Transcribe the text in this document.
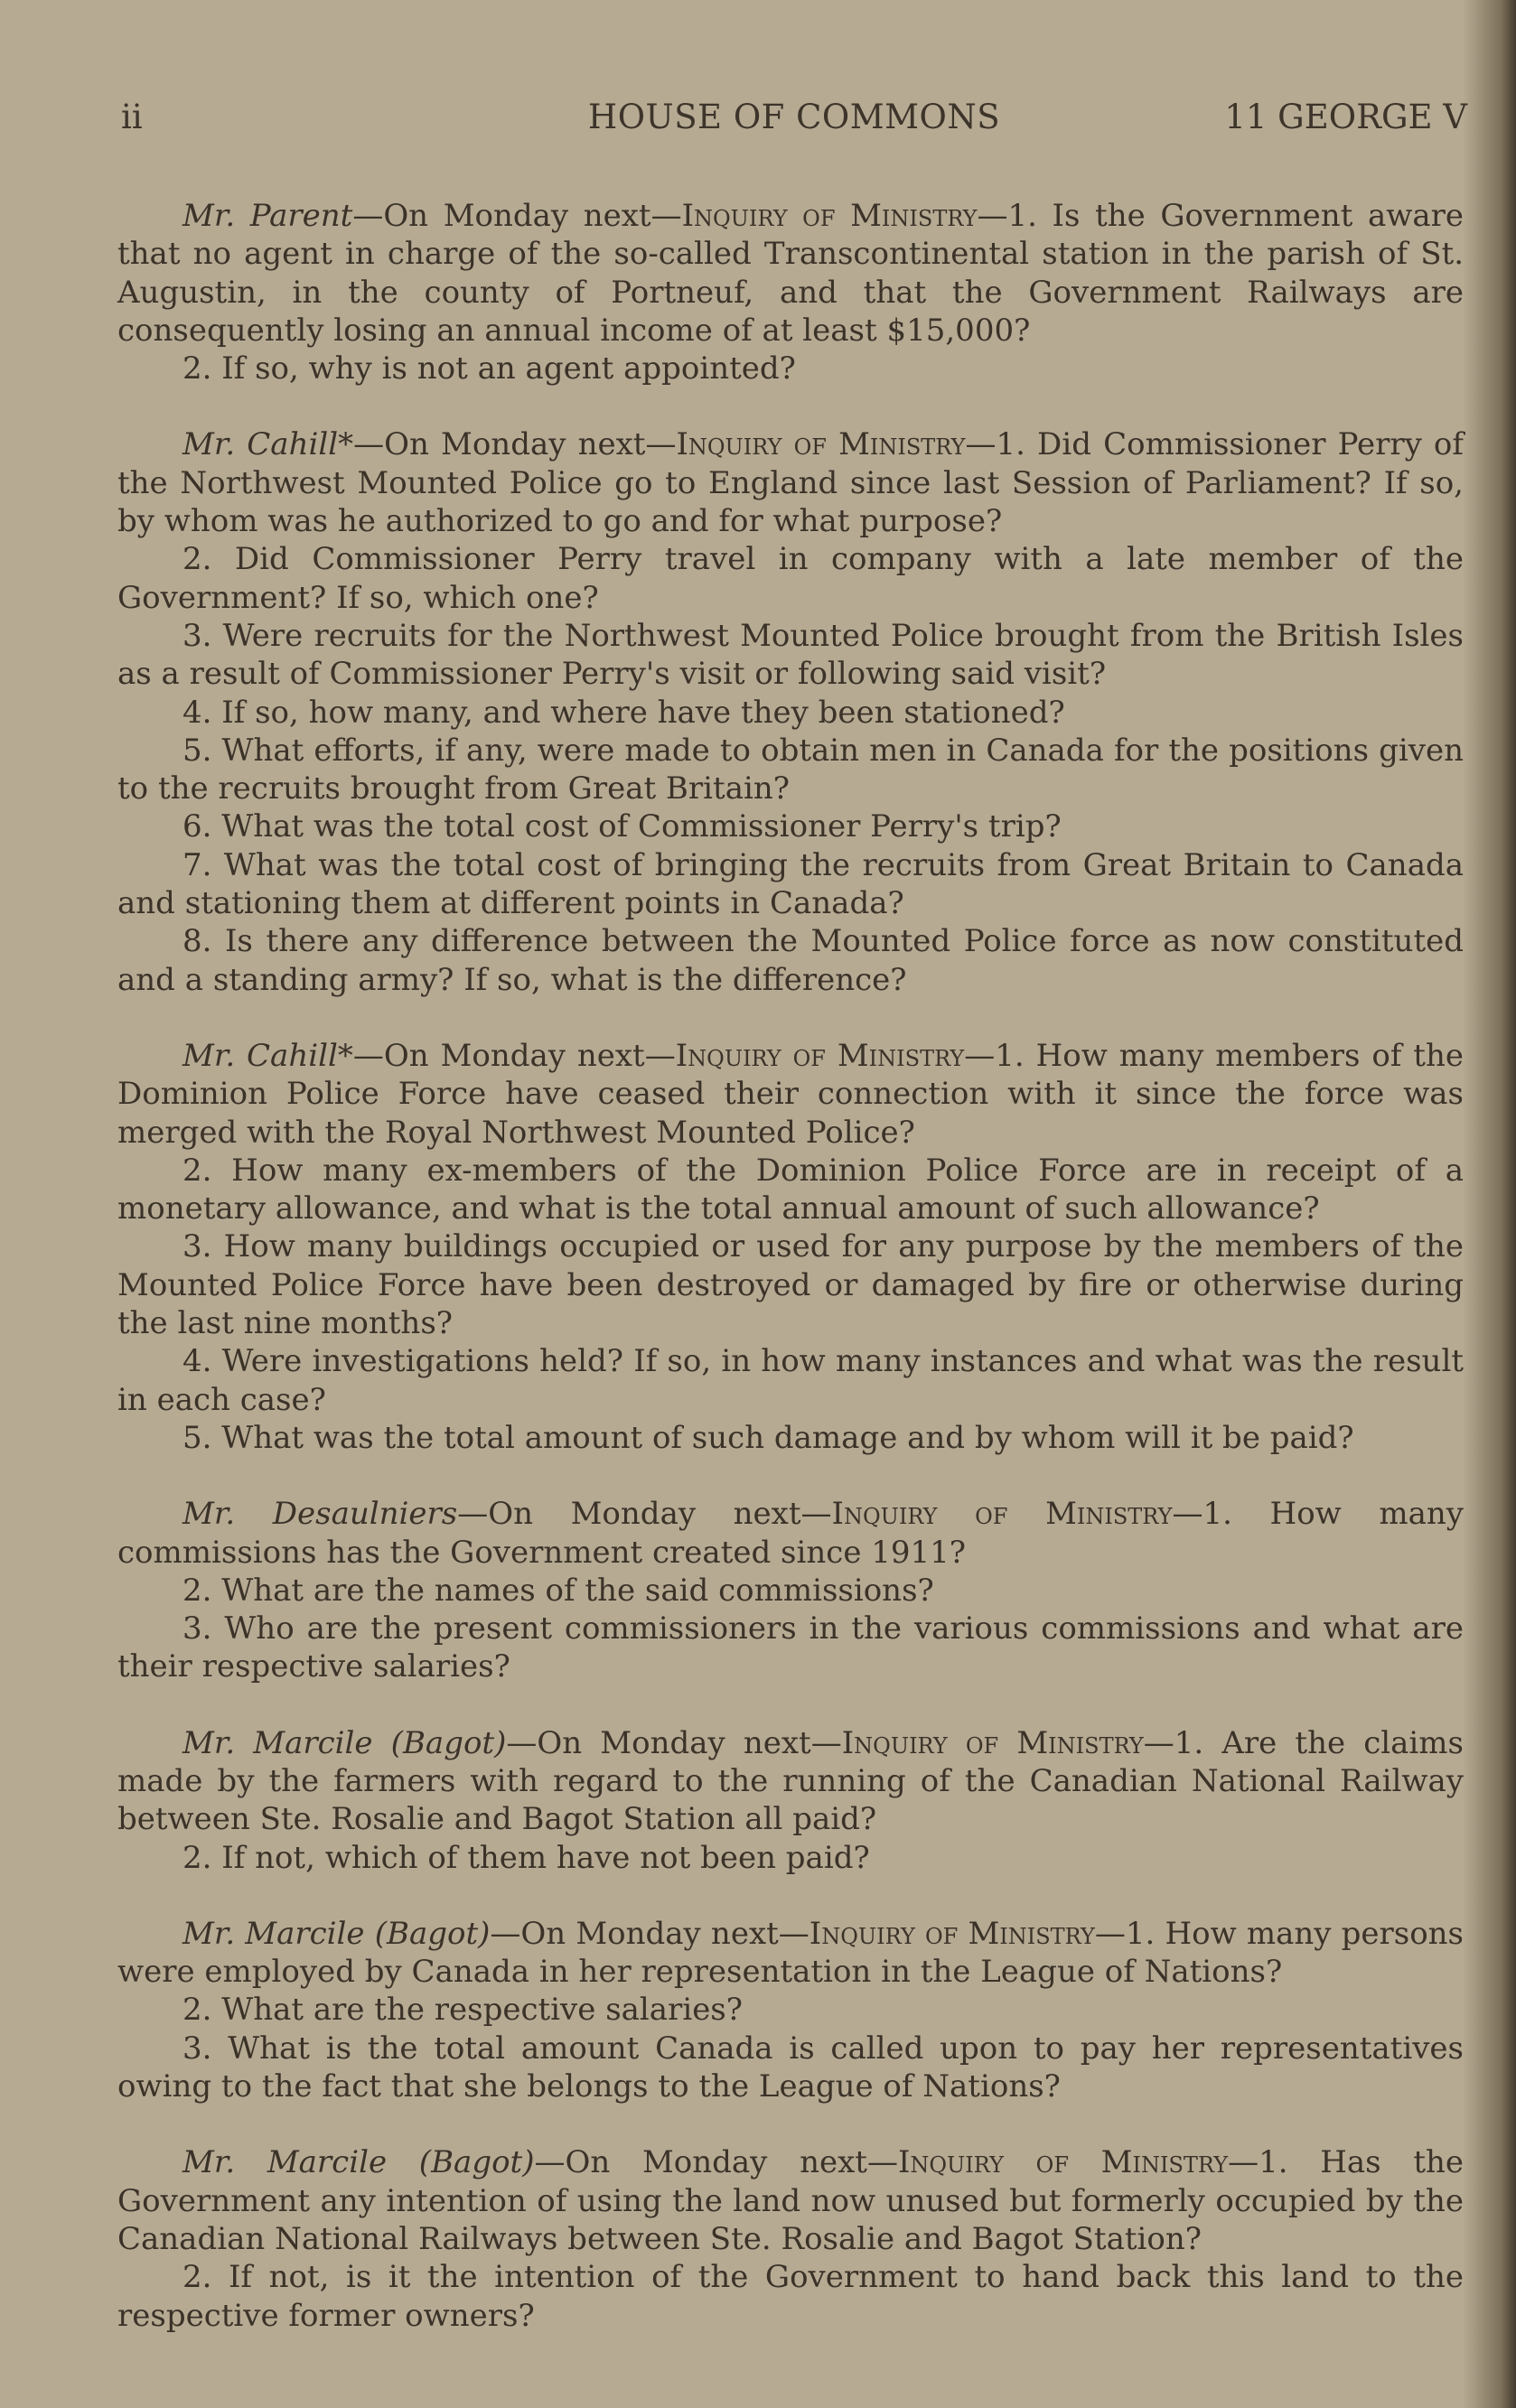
ii	HOUSE OF COMMONS	11 GEORGE V

Mr. Parent—On Monday next—Inquiry of Ministry—1. Is the Government aware that no agent in charge of the so-called Transcontinental station in the parish of St. Augustin, in the county of Portneuf, and that the Government Railways are consequently losing an annual income of at least $15,000?

2. If so, why is not an agent appointed?

Mr. Cahill*—On Monday next—Inquiry of Ministry—1. Did Commissioner Perry of the Northwest Mounted Police go to England since last Session of Parliament? If so, by whom was he authorized to go and for what purpose?

2. Did Commissioner Perry travel in company with a late member of the Government? If so, which one?

3. Were recruits for the Northwest Mounted Police brought from the British Isles as a result of Commissioner Perry's visit or following said visit?

4. If so, how many, and where have they been stationed?

5. What efforts, if any, were made to obtain men in Canada for the positions given to the recruits brought from Great Britain?

6. What was the total cost of Commissioner Perry's trip?

7. What was the total cost of bringing the recruits from Great Britain to Canada and stationing them at different points in Canada?

8. Is there any difference between the Mounted Police force as now constituted and a standing army? If so, what is the difference?

Mr. Cahill*—On Monday next—Inquiry of Ministry—1. How many members of the Dominion Police Force have ceased their connection with it since the force was merged with the Royal Northwest Mounted Police?

2. How many ex-members of the Dominion Police Force are in receipt of a monetary allowance, and what is the total annual amount of such allowance?

3. How many buildings occupied or used for any purpose by the members of the Mounted Police Force have been destroyed or damaged by fire or otherwise during the last nine months?

4. Were investigations held? If so, in how many instances and what was the result in each case?

5. What was the total amount of such damage and by whom will it be paid?

Mr. Desaulniers—On Monday next—Inquiry of Ministry—1. How many commissions has the Government created since 1911?

2. What are the names of the said commissions?

3. Who are the present commissioners in the various commissions and what are their respective salaries?

Mr. Marcile (Bagot)—On Monday next—Inquiry of Ministry—1. Are the claims made by the farmers with regard to the running of the Canadian National Railway between Ste. Rosalie and Bagot Station all paid?

2. If not, which of them have not been paid?

Mr. Marcile (Bagot)—On Monday next—Inquiry of Ministry—1. How many persons were employed by Canada in her representation in the League of Nations?

2. What are the respective salaries?

3. What is the total amount Canada is called upon to pay her representatives owing to the fact that she belongs to the League of Nations?

Mr. Marcile (Bagot)—On Monday next—Inquiry of Ministry—1. Has the Government any intention of using the land now unused but formerly occupied by the Canadian National Railways between Ste. Rosalie and Bagot Station?

2. If not, is it the intention of the Government to hand back this land to the respective former owners?
